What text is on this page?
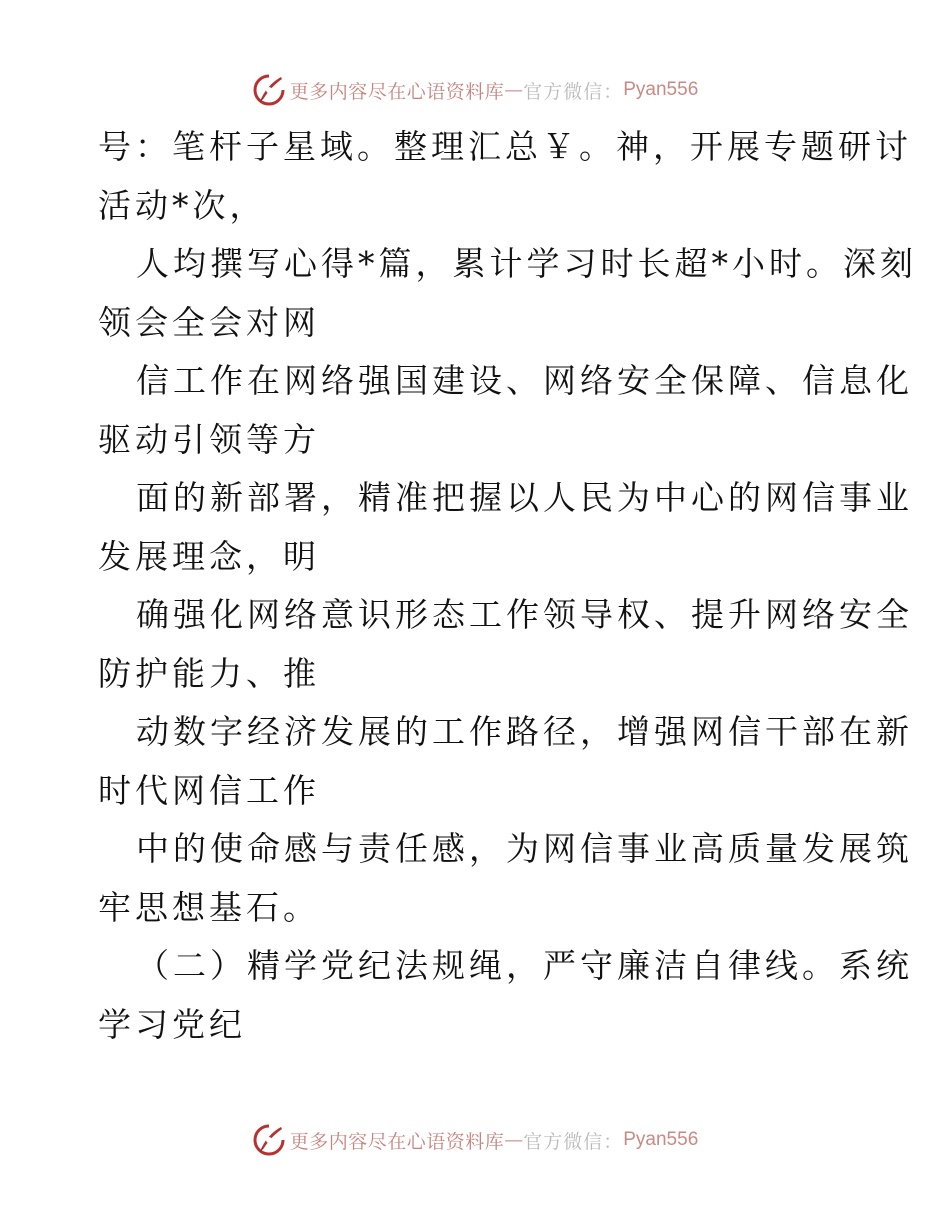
更多内容尽在心语资料库 — 官方微信： Pyan556
号：笔杆子星域。整理汇总￥。神，开展专题研讨
活动*次，
人均撰写心得*篇，累计学习时长超*小时。深刻
领会全会对网
信工作在网络强国建设、网络安全保障、信息化
驱动引领等方
面的新部署，精准把握以人民为中心的网信事业
发展理念，明
确强化网络意识形态工作领导权、提升网络安全
防护能力、推
动数字经济发展的工作路径，增强网信干部在新
时代网信工作
中的使命感与责任感，为网信事业高质量发展筑
牢思想基石。
（二）精学党纪法规绳，严守廉洁自律线。系统
学习党纪
更多内容尽在心语资料库 — 官方微信： Pyan556
